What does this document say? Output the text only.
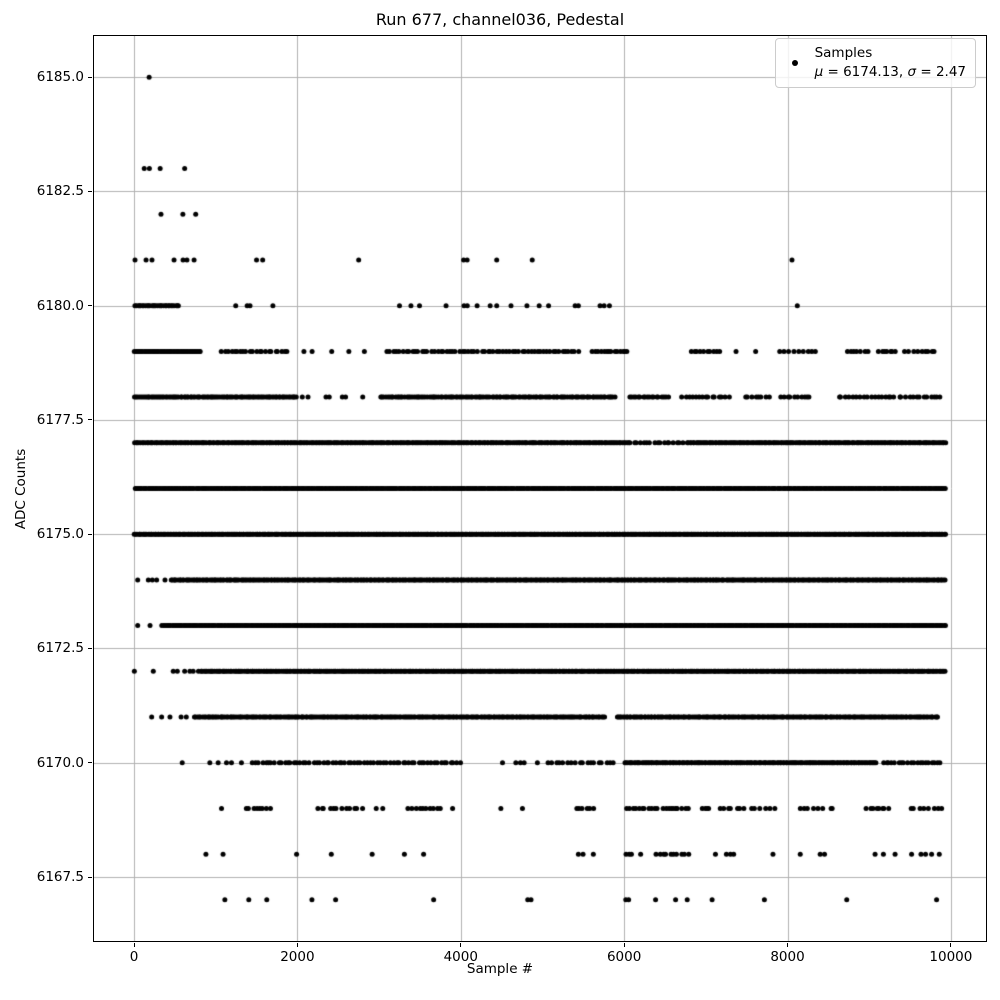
Run 677, channel036, Pedestal
ADC Counts
Samples
μ = 6174.13, σ = 2.47
Sample #
0	2000	4000	6000	8000	10000
6167.5
6170.0
6172.5
6175.0
6177.5
6180.0
6182.5
6185.0
